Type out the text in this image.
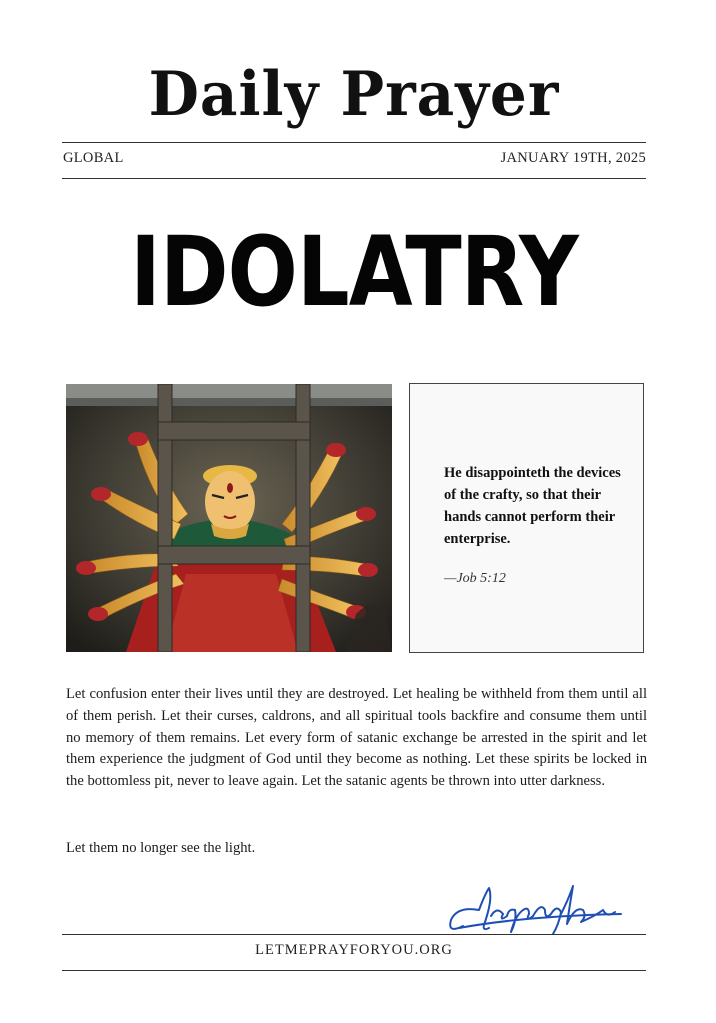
Daily Prayer
GLOBAL	JANUARY 19TH, 2025
IDOLATRY
He disappointeth the devices of the crafty, so that their hands cannot perform their enterprise.
—Job 5:12

Let confusion enter their lives until they are destroyed. Let healing be withheld from them until all of them perish. Let their curses, caldrons, and all spiritual tools backfire and consume them until no memory of them remains. Let every form of satanic exchange be arrested in the spirit and let them experience the judgment of God until they become as nothing. Let these spirits be locked in the bottomless pit, never to leave again. Let the satanic agents be thrown into utter darkness.

Let them no longer see the light.

LETMEPRAYFORYOU.ORG
